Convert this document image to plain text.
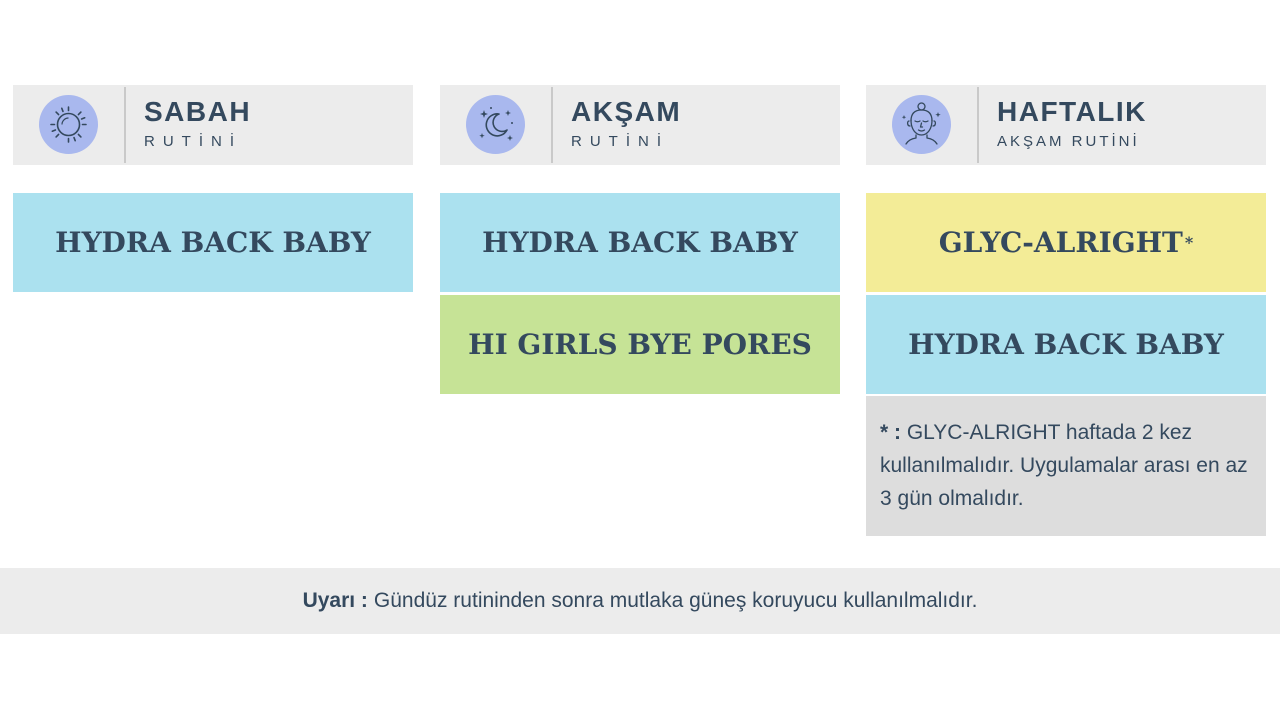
SABAH
RUTİNİ
AKŞAM
RUTİNİ
HAFTALIK
AKŞAM RUTİNİ
HYDRA BACK BABY	HYDRA BACK BABY
HI GIRLS BYE PORES
GLYC-ALRIGHT *
HYDRA BACK BABY
* : GLYC-ALRIGHT haftada 2 kez kullanılmalıdır. Uygulamalar arası en az 3 gün olmalıdır.
Uyarı : Gündüz rutininden sonra mutlaka güneş koruyucu kullanılmalıdır.
